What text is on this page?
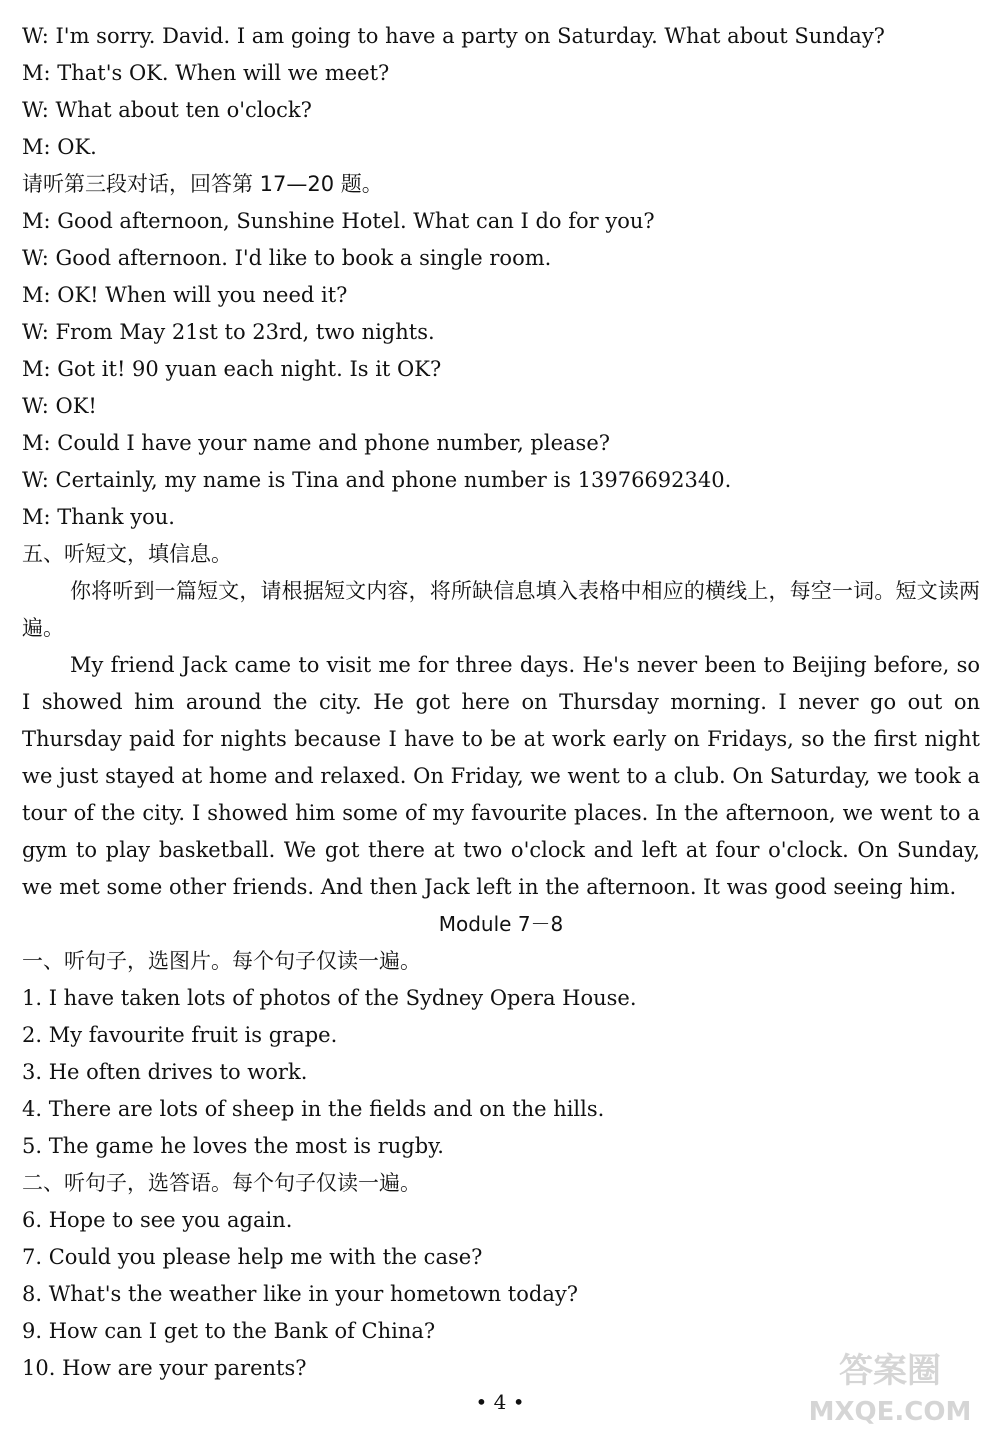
W: I'm sorry. David. I am going to have a party on Saturday. What about Sunday?
M: That's OK. When will we meet?
W: What about ten o'clock?
M: OK.
请听第三段对话，回答第 17—20 题。
M: Good afternoon, Sunshine Hotel. What can I do for you?
W: Good afternoon. I'd like to book a single room.
M: OK! When will you need it?
W: From May 21st to 23rd, two nights.
M: Got it! 90 yuan each night. Is it OK?
W: OK!
M: Could I have your name and phone number, please?
W: Certainly, my name is Tina and phone number is 13976692340.
M: Thank you.
五、听短文，填信息。
你将听到一篇短文，请根据短文内容，将所缺信息填入表格中相应的横线上，每空一词。短文读两遍。
My friend Jack came to visit me for three days. He's never been to Beijing before, so I showed him around the city. He got here on Thursday morning. I never go out on Thursday paid for nights because I have to be at work early on Fridays, so the first night we just stayed at home and relaxed. On Friday, we went to a club. On Saturday, we took a tour of the city. I showed him some of my favourite places. In the afternoon, we went to a gym to play basketball. We got there at two o'clock and left at four o'clock. On Sunday, we met some other friends. And then Jack left in the afternoon. It was good seeing him.
Module 7－8
一、听句子，选图片。每个句子仅读一遍。
1. I have taken lots of photos of the Sydney Opera House.
2. My favourite fruit is grape.
3. He often drives to work.
4. There are lots of sheep in the fields and on the hills.
5. The game he loves the most is rugby.
二、听句子，选答语。每个句子仅读一遍。
6. Hope to see you again.
7. Could you please help me with the case?
8. What's the weather like in your hometown today?
9. How can I get to the Bank of China?
10. How are your parents?
• 4 •
答案圈
MXQE.COM
